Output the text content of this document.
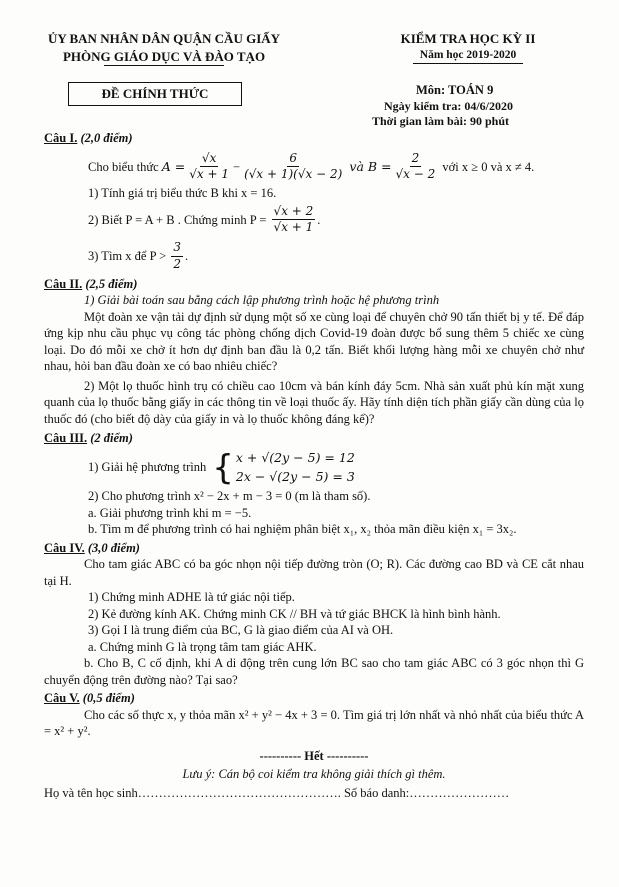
ỦY BAN NHÂN DÂN QUẬN CẦU GIẤY
PHÒNG GIÁO DỤC VÀ ĐÀO TẠO
KIỂM TRA HỌC KỲ II
Năm học 2019-2020
ĐỀ CHÍNH THỨC	Môn: TOÁN 9
Ngày kiểm tra: 04/6/2020
Thời gian làm bài: 90 phút
Câu I. (2,0 điểm)
Cho biểu thức
$A = \frac{√x}{√x + 1} - \frac{6}{(√x + 1)(√x - 2)}$
và $B = \frac{2}{√x - 2}$
với x ≥ 0 và x ≠ 4.

1) Tính giá trị biểu thức B khi x = 16.

2) Biết P = A + B . Chứng minh P =
$\frac{√x + 2}{√x + 1}$ .
3) Tìm x để P >
$\frac{3}{2}$ .
Câu II. (2,5 điểm)

1) Giải bài toán sau bằng cách lập phương trình hoặc hệ phương trình

Một đoàn xe vận tải dự định sử dụng một số xe cùng loại để chuyên chở 90 tấn thiết bị y tế. Để đáp ứng kịp nhu cầu phục vụ công tác phòng chống dịch Covid-19 đoàn được bổ sung thêm 5 chiếc xe cùng loại. Do đó mỗi xe chở ít hơn dự định ban đầu là 0,2 tấn. Biết khối lượng hàng mỗi xe chuyên chở như nhau, hỏi ban đầu đoàn xe có bao nhiêu chiếc?

2) Một lọ thuốc hình trụ có chiều cao 10cm và bán kính đáy 5cm. Nhà sản xuất phủ kín mặt xung quanh của lọ thuốc bằng giấy in các thông tin về loại thuốc ấy. Hãy tính diện tích phần giấy cần dùng của lọ thuốc đó (cho biết độ dày của giấy in và lọ thuốc không đáng kể)?

Câu III. (2 điểm)
1) Giải hệ phương trình { x + √(2y − 5) = 12
2x − √(2y − 5) = 3

2) Cho phương trình x² − 2x + m − 3 = 0 (m là tham số).

a. Giải phương trình khi m = −5.

b. Tìm m để phương trình có hai nghiệm phân biệt x₁, x₂ thỏa mãn điều kiện x₁ = 3x₂.

Câu IV. (3,0 điểm)

Cho tam giác ABC có ba góc nhọn nội tiếp đường tròn (O; R). Các đường cao BD và CE cắt nhau tại H.

1) Chứng minh ADHE là tứ giác nội tiếp.

2) Kẻ đường kính AK. Chứng minh CK // BH và tứ giác BHCK là hình bình hành.

3) Gọi I là trung điểm của BC, G là giao điểm của AI và OH.

a. Chứng minh G là trọng tâm tam giác AHK.

b. Cho B, C cố định, khi A di động trên cung lớn BC sao cho tam giác ABC có 3 góc nhọn thì G chuyển động trên đường nào? Tại sao?

Câu V. (0,5 điểm)

Cho các số thực x, y thỏa mãn x² + y² − 4x + 3 = 0. Tìm giá trị lớn nhất và nhỏ nhất của biểu thức A = x² + y².

---------- Hết ----------

Lưu ý: Cán bộ coi kiểm tra không giải thích gì thêm.

Họ và tên học sinh…………………………………………. Số báo danh:……………………
